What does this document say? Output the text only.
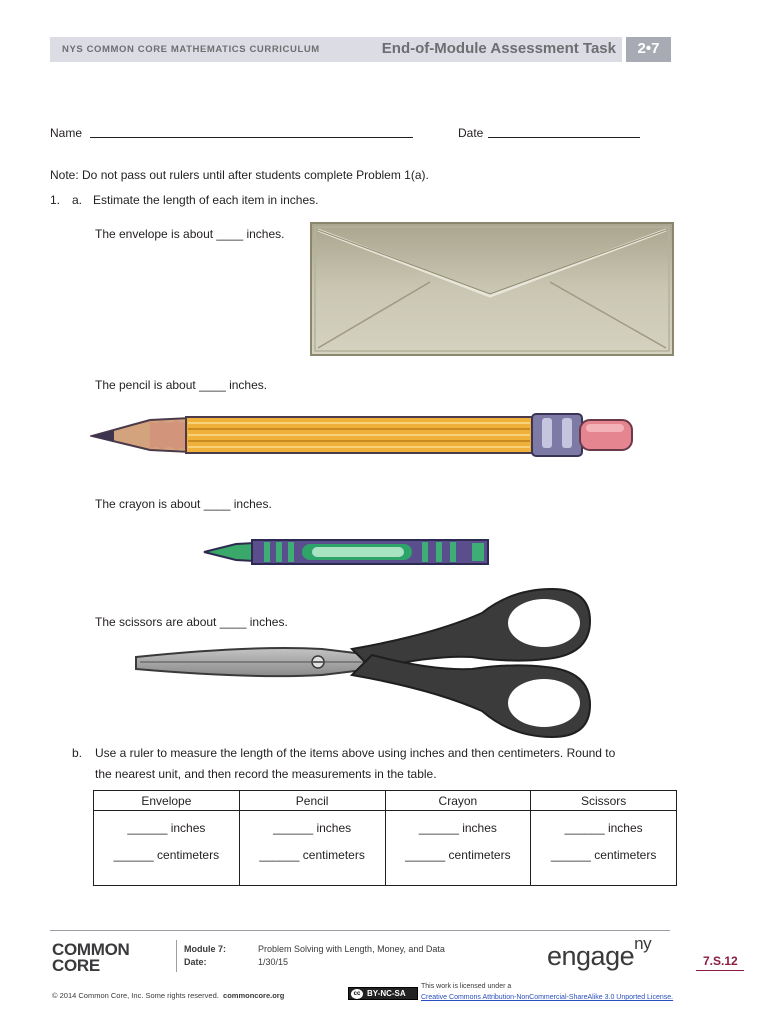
NYS COMMON CORE MATHEMATICS CURRICULUM	End-of-Module Assessment Task	2•7
Name	Date
Note: Do not pass out rulers until after students complete Problem 1(a).
1. a. Estimate the length of each item in inches.
The envelope is about ____ inches.
The pencil is about ____ inches.
The crayon is about ____ inches.
The scissors are about ____ inches.
b. Use a ruler to measure the length of the items above using inches and then centimeters. Round to
the nearest unit, and then record the measurements in the table.
Envelope	Pencil	Crayon	Scissors
______ inches	______ inches	______ inches	______ inches
______ centimeters	______ centimeters	______ centimeters	______ centimeters
COMMON
CORE
Module 7:
Date:
Problem Solving with Length, Money, and Data
1/30/15	engage$^{ny}$
7.S.12
© 2014 Common Core, Inc. Some rights reserved. commoncore.org	cc BY-NC-SA
This work is licensed under a
Creative Commons Attribution-NonCommercial-ShareAlike 3.0 Unported License.
